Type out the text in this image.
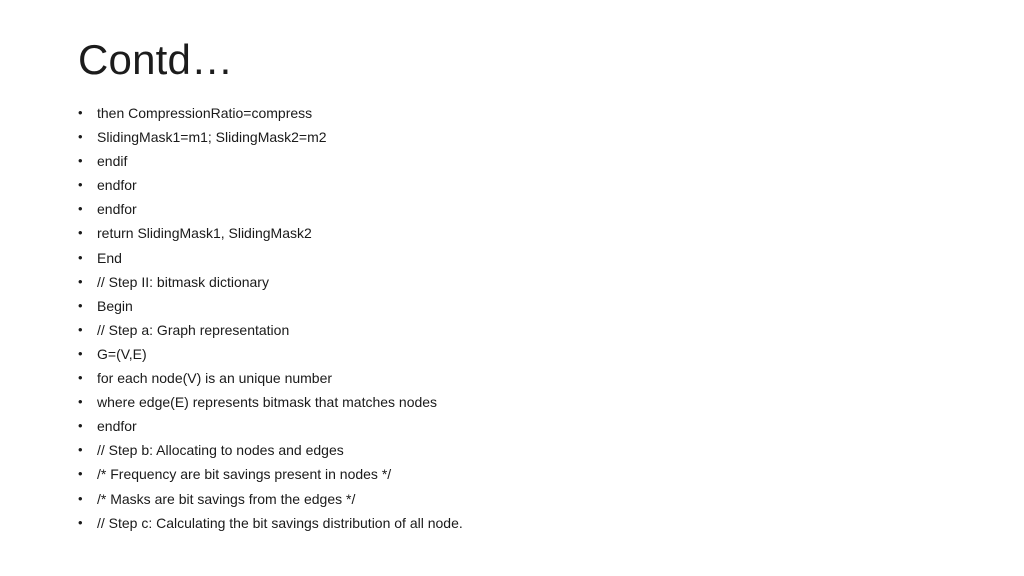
Contd…
•	then CompressionRatio=compress
•	SlidingMask1=m1; SlidingMask2=m2
•	endif
•	endfor
•	endfor
•	return SlidingMask1, SlidingMask2
•	End
•	// Step II: bitmask dictionary
•	Begin
•	// Step a: Graph representation
•	G=(V,E)
•	for each node(V) is an unique number
•	where edge(E) represents bitmask that matches nodes
•	endfor
•	// Step b: Allocating to nodes and edges
•	/* Frequency are bit savings present in nodes */
•	/* Masks are bit savings from the edges */
•	// Step c: Calculating the bit savings distribution of all node.
